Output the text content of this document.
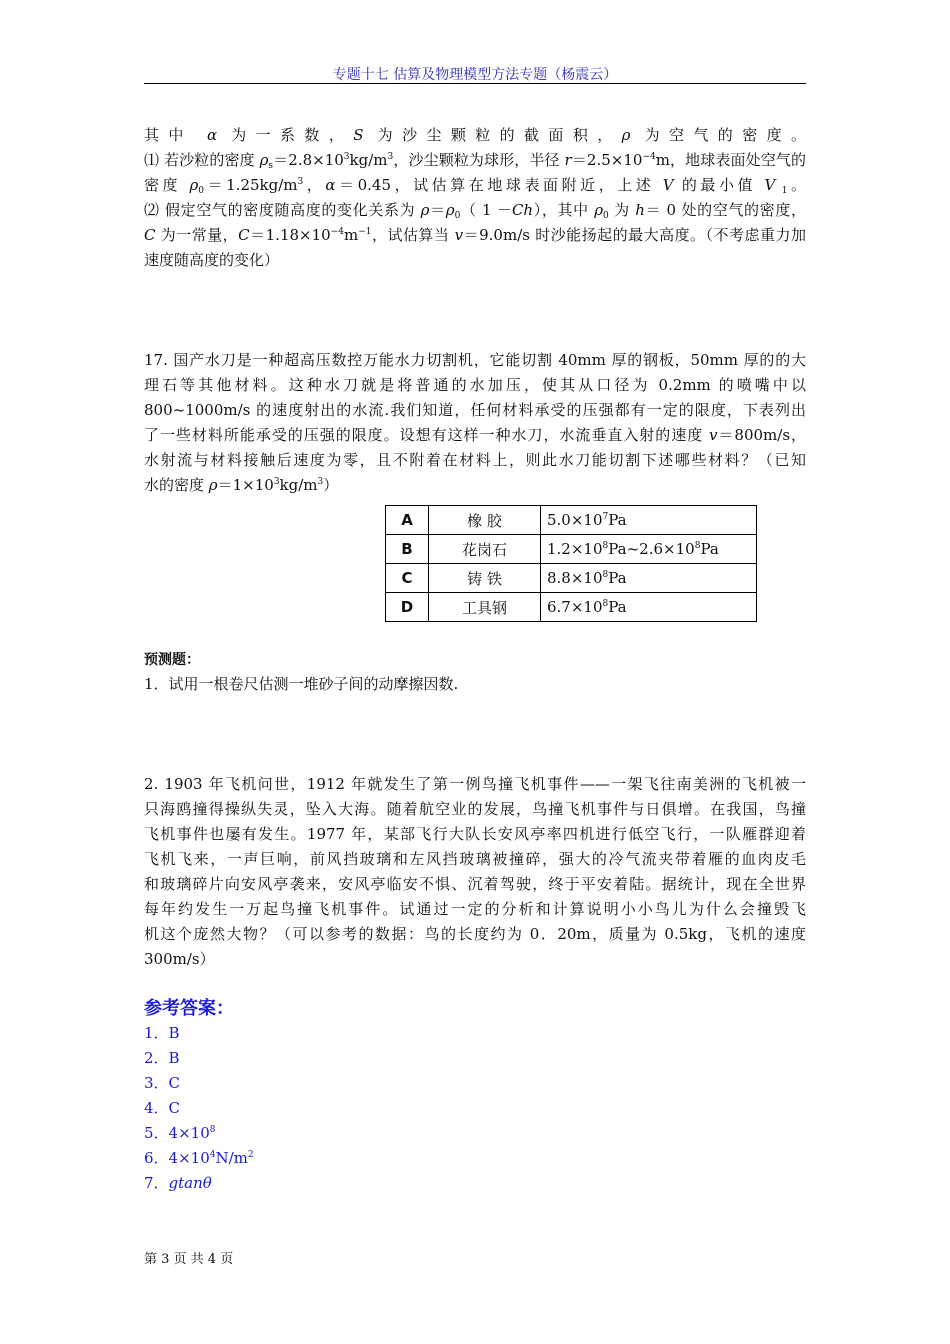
专题十七 估算及物理模型方法专题（杨震云）
其中 α 为一系数，S 为沙尘颗粒的截面积，ρ 为空气的密度。
⑴ 若沙粒的密度 $\rho_s=2.8\times 10^3kg/m^3$，沙尘颗粒为球形，半径 $r=2.5\times 10^{-4}m$，地球表面处空气的
密度 $\rho_0=1.25kg/m^3$，α＝0.45，试估算在地球表面附近，上述 V 的最小值 V $_1$。
⑵ 假定空气的密度随高度的变化关系为 $\rho=\rho_0$（ 1 －Ch），其中 $\rho_0$ 为 h＝ 0 处的空气的密度，
C 为一常量，$C=1.18\times 10^{-4}m^{-1}$，试估算当 v＝9.0m/s 时沙能扬起的最大高度。（不考虑重力加
速度随高度的变化）
17. 国产水刀是一种超高压数控万能水力切割机，它能切割 40mm 厚的钢板，50mm 厚的的大
理石等其他材料。这种水刀就是将普通的水加压，使其从口径为 0.2mm 的喷嘴中以
800~1000m/s 的速度射出的水流.我们知道，任何材料承受的压强都有一定的限度，下表列出
了一些材料所能承受的压强的限度。设想有这样一种水刀，水流垂直入射的速度 v＝800m/s，
水射流与材料接触后速度为零，且不附着在材料上，则此水刀能切割下述哪些材料？（已知
水的密度 $\rho=1\times 10^3kg/m^3$）
A	橡 胶	$5.0\times 10^7Pa$
B	花岗石	$1.2\times 10^8Pa\sim 2.6\times 10^8Pa$
C	铸 铁	$8.8\times 10^8Pa$
D	工具钢	$6.7\times 10^8Pa$
预测题：
1．试用一根卷尺估测一堆砂子间的动摩擦因数.
2. 1903 年飞机问世，1912 年就发生了第一例鸟撞飞机事件——一架飞往南美洲的飞机被一
只海鸥撞得操纵失灵，坠入大海。随着航空业的发展，鸟撞飞机事件与日俱增。在我国，鸟撞
飞机事件也屡有发生。1977 年，某部飞行大队长安风亭率四机进行低空飞行，一队雁群迎着
飞机飞来，一声巨响，前风挡玻璃和左风挡玻璃被撞碎，强大的冷气流夹带着雁的血肉皮毛
和玻璃碎片向安风亭袭来，安风亭临安不惧、沉着驾驶，终于平安着陆。据统计，现在全世界
每年约发生一万起鸟撞飞机事件。试通过一定的分析和计算说明小小鸟儿为什么会撞毁飞
机这个庞然大物？（可以参考的数据：鸟的长度约为 0．20m，质量为 0.5kg，飞机的速度
300m/s）
参考答案：
1．B
2．B
3．C
4．C
5．$4\times 10^8$
6．$4\times 10^4N/m^2$
7．gtanθ
第 3 页 共 4 页
